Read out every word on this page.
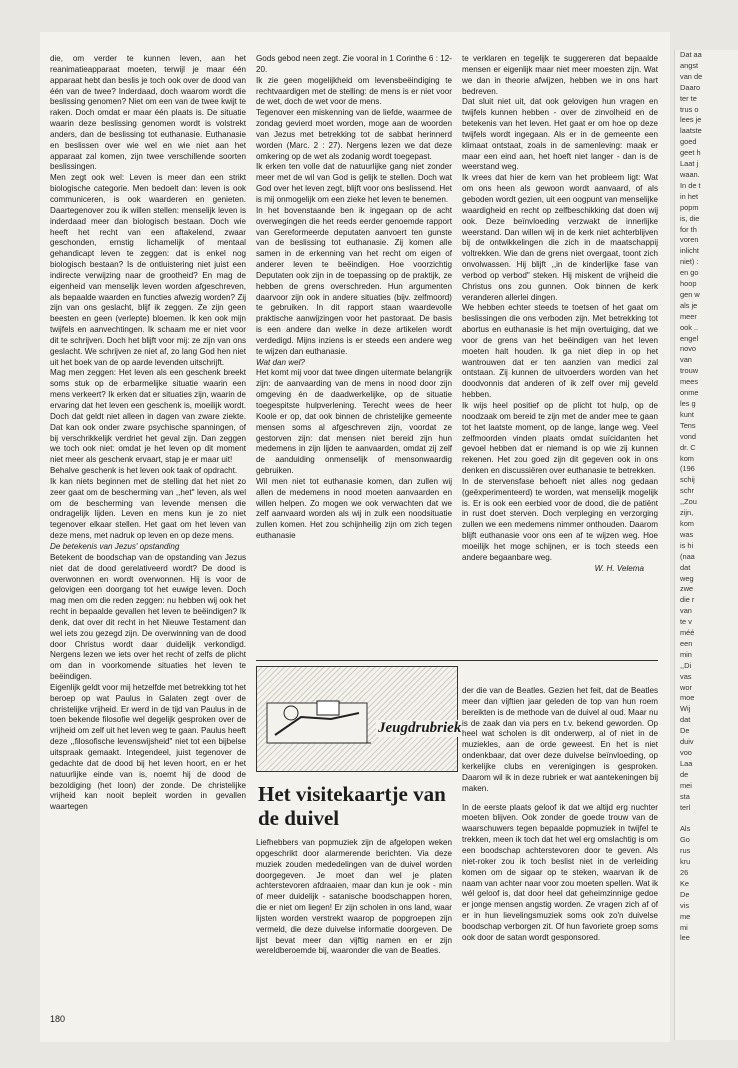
die, om verder te kunnen leven, aan het reanimatieapparaat moeten, terwijl je maar één apparaat hebt dan beslis je toch ook over de dood van één van de twee? Inderdaad, doch waarom wordt die beslissing genomen? Niet om een van de twee kwijt te raken. Doch omdat er maar één plaats is. De situatie waarin deze beslissing genomen wordt is volstrekt anders, dan de beslissing tot euthanasie. Euthanasie en beslissen over wie wel en wie niet aan het apparaat zal komen, zijn twee verschillende soorten beslissingen.

Men zegt ook wel: Leven is meer dan een strikt biologische categorie. Men bedoelt dan: leven is ook communiceren, is ook waarderen en genieten. Daartegenover zou ik willen stellen: menselijk leven is inderdaad meer dan biologisch bestaan. Doch wie heeft het recht van een aftakelend, zwaar geschonden, ernstig lichamelijk of mentaal gehandicapt leven te zeggen: dat is enkel nog biologisch bestaan? Is de ontluistering niet juist een indirecte verwijzing naar de grootheid? En mag de eigenheid van menselijk leven worden afgeschreven, als bepaalde waarden en functies afwezig worden? Zij zijn van ons geslacht, blijf ik zeggen. Ze zijn geen beesten en geen (verlepte) bloemen. Ik ken ook mijn twijfels en aanvechtingen. Ik schaam me er niet voor dit te schrijven. Doch het blijft voor mij: ze zijn van ons geslacht. We schrijven ze niet af, zo lang God hen niet uit het boek van de op aarde levenden uitschrijft.

Mag men zeggen: Het leven als een geschenk breekt soms stuk op de erbarmelijke situatie waarin een mens verkeert? Ik erken dat er situaties zijn, waarin de ervaring dat het leven een geschenk is, moeilijk wordt. Doch dat geldt niet alleen in dagen van zware ziekte. Dat kan ook onder zware psychische spanningen, of bij verschrikkelijk verdriet het geval zijn. Dan zeggen we toch ook niet: omdat je het leven op dit moment niet meer als geschenk ervaart, stap je er maar uit!

Behalve geschenk is het leven ook taak of opdracht.

Ik kan niets beginnen met de stelling dat het niet zo zeer gaat om de bescherming van ,,het" leven, als wel om de bescherming van levende mensen die ondragelijk lijden. Leven en mens kun je zo niet tegenover elkaar stellen. Het gaat om het leven van deze mens, met nadruk op leven en op deze mens.

De betekenis van Jezus' opstanding

Betekent de boodschap van de opstanding van Jezus niet dat de dood gerelativeerd wordt? De dood is overwonnen en wordt overwonnen. Hij is voor de gelovigen een doorgang tot het euwige leven. Doch mag men om die reden zeggen: nu hebben wij ook het recht in bepaalde gevallen het leven te beëindigen? Ik denk, dat over dit recht in het Nieuwe Testament dan wel iets zou gezegd zijn. De overwinning van de dood door Christus wordt daar duidelijk verkondigd. Nergens lezen we iets over het recht of zelfs de plicht om dan in voorkomende situaties het leven te beëindigen.

Eigenlijk geldt voor mij hetzelfde met betrekking tot het beroep op wat Paulus in Galaten zegt over de christelijke vrijheid. Er werd in de tijd van Paulus in de toen bekende filosofie wel degelijk gesproken over de vrijheid om zelf uit het leven weg te gaan. Paulus heeft deze ,,filosofische levenswijsheid" niet tot een bijbelse uitspraak gemaakt. Integendeel, juist tegenover de gedachte dat de dood bij het leven hoort, en er het natuurlijke einde van is, noemt hij de dood de bezoldiging (het loon) der zonde. De christelijke vrijheid kan nooit bepleit worden in gevallen waartegen

Gods gebod neen zegt. Zie vooral in 1 Corinthe 6 : 12-20.

Ik zie geen mogelijkheid om levensbeëindiging te rechtvaardigen met de stelling: de mens is er niet voor de wet, doch de wet voor de mens.

Tegenover een miskenning van de liefde, waarmee de zondag gevierd moet worden, moge aan de woorden van Jezus met betrekking tot de sabbat herinnerd worden (Marc. 2 : 27). Nergens lezen we dat deze omkering op de wet als zodanig wordt toegepast.

Ik erken ten volle dat de natuurlijke gang niet zonder meer met de wil van God is gelijk te stellen. Doch wat God over het leven zegt, blijft voor ons beslissend. Het is mij onmogelijk om een zieke het leven te benemen.

In het bovenstaande ben ik ingegaan op de acht overwegingen die het reeds eerder genoemde rapport van Gereformeerde deputaten aanvoert ten gunste van de beslissing tot euthanasie. Zij komen alle samen in de erkenning van het recht om eigen of anderer leven te beëindigen. Hoe voorzichtig Deputaten ook zijn in de toepassing op de praktijk, ze hebben de grens overschreden. Hun argumenten daarvoor zijn ook in andere situaties (bijv. zelfmoord) te gebruiken. In dit rapport staan waardevolle praktische aanwijzingen voor het pastoraat. De basis is een andere dan welke in deze artikelen wordt verdedigd. Mijns inziens is er steeds een andere weg te wijzen dan euthanasie.

Wat dan wel?

Het komt mij voor dat twee dingen uitermate belangrijk zijn: de aanvaarding van de mens in nood door zijn omgeving én de daadwerkelijke, op de situatie toegespitste hulpverlening. Terecht wees de heer Koole er op, dat ook binnen de christelijke gemeente mensen soms al afgeschreven zijn, voordat ze gestorven zijn: dat mensen niet bereid zijn hun medemens in zijn lijden te aanvaarden, omdat zij zelf de aanduiding onmenselijk of mensonwaardig gebruiken.

Wil men niet tot euthanasie komen, dan zullen wij allen de medemens in nood moeten aanvaarden en willen helpen. Zo mogen we ook verwachten dat we zelf aanvaard worden als wij in zulk een noodsituatie zullen komen. Het zou schijnheilig zijn om zich tegen euthanasie

te verklaren en tegelijk te suggereren dat bepaalde mensen er eigenlijk maar niet meer moesten zijn. Wat we dan in theorie afwijzen, hebben we in ons hart bedreven.

Dat sluit niet uit, dat ook gelovigen hun vragen en twijfels kunnen hebben - over de zinvolheid en de betekenis van het leven. Het gaat er om hoe op deze twijfels wordt ingegaan. Als er in de gemeente een klimaat ontstaat, zoals in de samenleving: maak er maar een eind aan, het hoeft niet langer - dan is de weerstand weg.

Ik vrees dat hier de kern van het probleem ligt: Wat om ons heen als gewoon wordt aanvaard, of als geboden wordt gezien, uit een oogpunt van menselijke waardigheid en recht op zelfbeschikking dat doen wij ook. Deze beïnvloeding verzwakt de innerlijke weerstand. Dan willen wij in de kerk niet achterblijven bij de ontwikkelingen die zich in de maatschappij voltrekken. Wie dan de grens niet overgaat, toont zich onvolwassen. Hij blijft ,,in de kinderlijke fase van verbod op verbod" steken. Hij miskent de vrijheid die Christus ons zou gunnen. Ook binnen de kerk veranderen allerlei dingen.

We hebben echter steeds te toetsen of het gaat om beslissingen die ons verboden zijn. Met betrekking tot abortus en euthanasie is het mijn overtuiging, dat we voor de grens van het beëindigen van het leven moeten halt houden. Ik ga niet diep in op het wantrouwen dat er ten aanzien van medici zal ontstaan. Zij kunnen de uitvoerders worden van het doodvonnis dat anderen of ik zelf over mij geveld hebben.

Ik wijs heel positief op de plicht tot hulp, op de noodzaak om bereid te zijn met de ander mee te gaan tot het laatste moment, op de lange, lange weg. Veel zelfmoorden vinden plaats omdat suïcidanten het gevoel hebben dat er niemand is op wie zij kunnen rekenen. Het zou goed zijn dit gegeven ook in ons denken en discussiëren over euthanasie te betrekken.

In de stervensfase behoeft niet alles nog gedaan (geëxperimenteerd) te worden, wat menselijk mogelijk is. Er is ook een eerbied voor de dood, die de patiënt in rust doet sterven. Doch verpleging en verzorging zullen we een medemens nimmer onthouden. Daarom blijft euthanasie voor ons een af te wijzen weg. Hoe moeilijk het moge schijnen, er is toch steeds een andere begaanbare weg.

W. H. Velema

Jeugdrubriek
Het visitekaartje van de duivel
Liefhebbers van popmuziek zijn de afgelopen weken opgeschrikt door alarmerende berichten. Via deze muziek zouden mededelingen van de duivel worden doorgegeven. Je moet dan wel je platen achterstevoren afdraaien, maar dan kun je ook - min of meer duidelijk - satanische boodschappen horen, die er niet om liegen! Er zijn scholen in ons land, waar lijsten worden verstrekt waarop de popgroepen zijn vermeld, die deze duivelse informatie doorgeven. De lijst bevat meer dan vijftig namen en er zijn wereldberoemde bij, waaronder die van de Beatles.

der die van de Beatles. Gezien het feit, dat de Beatles meer dan vijftien jaar geleden de top van hun roem bereikten is de methode van de duivel al oud. Maar nu is de zaak dan via pers en t.v. bekend geworden. Op heel wat scholen is dit onderwerp, al of niet in de muziekles, aan de orde geweest. En het is niet ondenkbaar, dat over deze duivelse beïnvloeding, op kerkelijke clubs en verenigingen is gesproken. Daarom wil ik in deze rubriek er wat aantekeningen bij maken.

In de eerste plaats geloof ik dat we altijd erg nuchter moeten blijven. Ook zonder de goede trouw van de waarschuwers tegen bepaalde popmuziek in twijfel te trekken, meen ik toch dat het wel erg omslachtig is om een boodschap achterstevoren door te geven. Als niet-roker zou ik toch beslist niet in de verleiding komen om de sigaar op te steken, waarvan ik de naam van achter naar voor zou moeten spellen. Wat ik wél geloof is, dat door heel dat geheimzinnige gedoe er jonge mensen angstig worden. Ze vragen zich af of er in hun lievelingsmuziek soms ook zo'n duivelse boodschap verborgen zit. Of hun favoriete groep soms ook door de satan wordt gesponsored.

180
Dat aa
angst
van de
Daaro
ter te
trus o
lees je
laatste
goed
geet h
Laat j
waan.
In de t
in het
popm
is, die
for th
voren
inlicht
niet) :
en go
hoop
gen w
als je
meer
ook ..
engel
novo
van
trouw
mees
onme
les g
kunt
Tens
vond
dr. C
kom
(196
schij
schr
,,Zou
zijn,
kom
was
is hi
(naa
dat
weg
zwe
die r
van
te v
méé
een
min
,,Di
vas
wor
moe
Wij
dat
De
duiv
voo
Laa
de
mei
sta
terl

Als
Go
rus
kru
26
Ke
De
vis
me
mi
lee
